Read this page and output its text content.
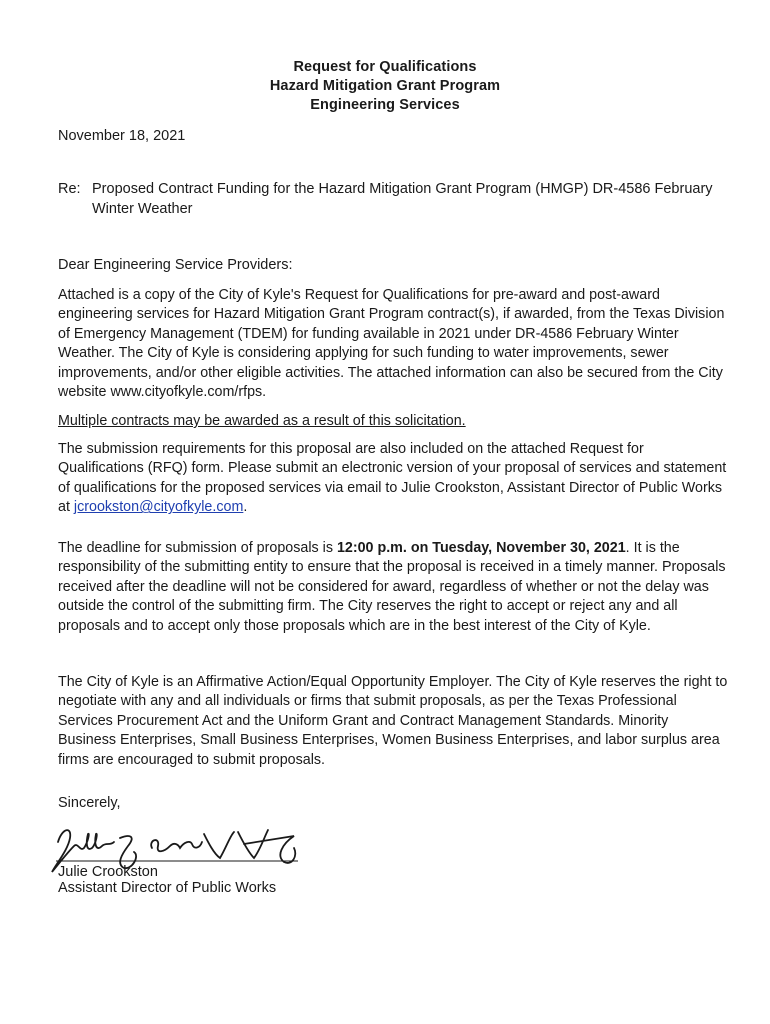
Request for Qualifications
Hazard Mitigation Grant Program
Engineering Services
November 18, 2021
Re: Proposed Contract Funding for the Hazard Mitigation Grant Program (HMGP) DR-4586 February
Winter Weather
Dear Engineering Service Providers:
Attached is a copy of the City of Kyle's Request for Qualifications for pre-award and post-award engineering services for Hazard Mitigation Grant Program contract(s), if awarded, from the Texas Division of Emergency Management (TDEM) for funding available in 2021 under DR-4586 February Winter Weather. The City of Kyle is considering applying for such funding to water improvements, sewer improvements, and/or other eligible activities. The attached information can also be secured from the City website www.cityofkyle.com/rfps.
Multiple contracts may be awarded as a result of this solicitation.
The submission requirements for this proposal are also included on the attached Request for Qualifications (RFQ) form. Please submit an electronic version of your proposal of services and statement of qualifications for the proposed services via email to Julie Crookston, Assistant Director of Public Works at jcrookston@cityofkyle.com.
The deadline for submission of proposals is 12:00 p.m. on Tuesday, November 30, 2021. It is the responsibility of the submitting entity to ensure that the proposal is received in a timely manner. Proposals received after the deadline will not be considered for award, regardless of whether or not the delay was outside the control of the submitting firm. The City reserves the right to accept or reject any and all proposals and to accept only those proposals which are in the best interest of the City of Kyle.
The City of Kyle is an Affirmative Action/Equal Opportunity Employer. The City of Kyle reserves the right to negotiate with any and all individuals or firms that submit proposals, as per the Texas Professional Services Procurement Act and the Uniform Grant and Contract Management Standards. Minority Business Enterprises, Small Business Enterprises, Women Business Enterprises, and labor surplus area firms are encouraged to submit proposals.
Sincerely,
Julie Crookston
Assistant Director of Public Works
